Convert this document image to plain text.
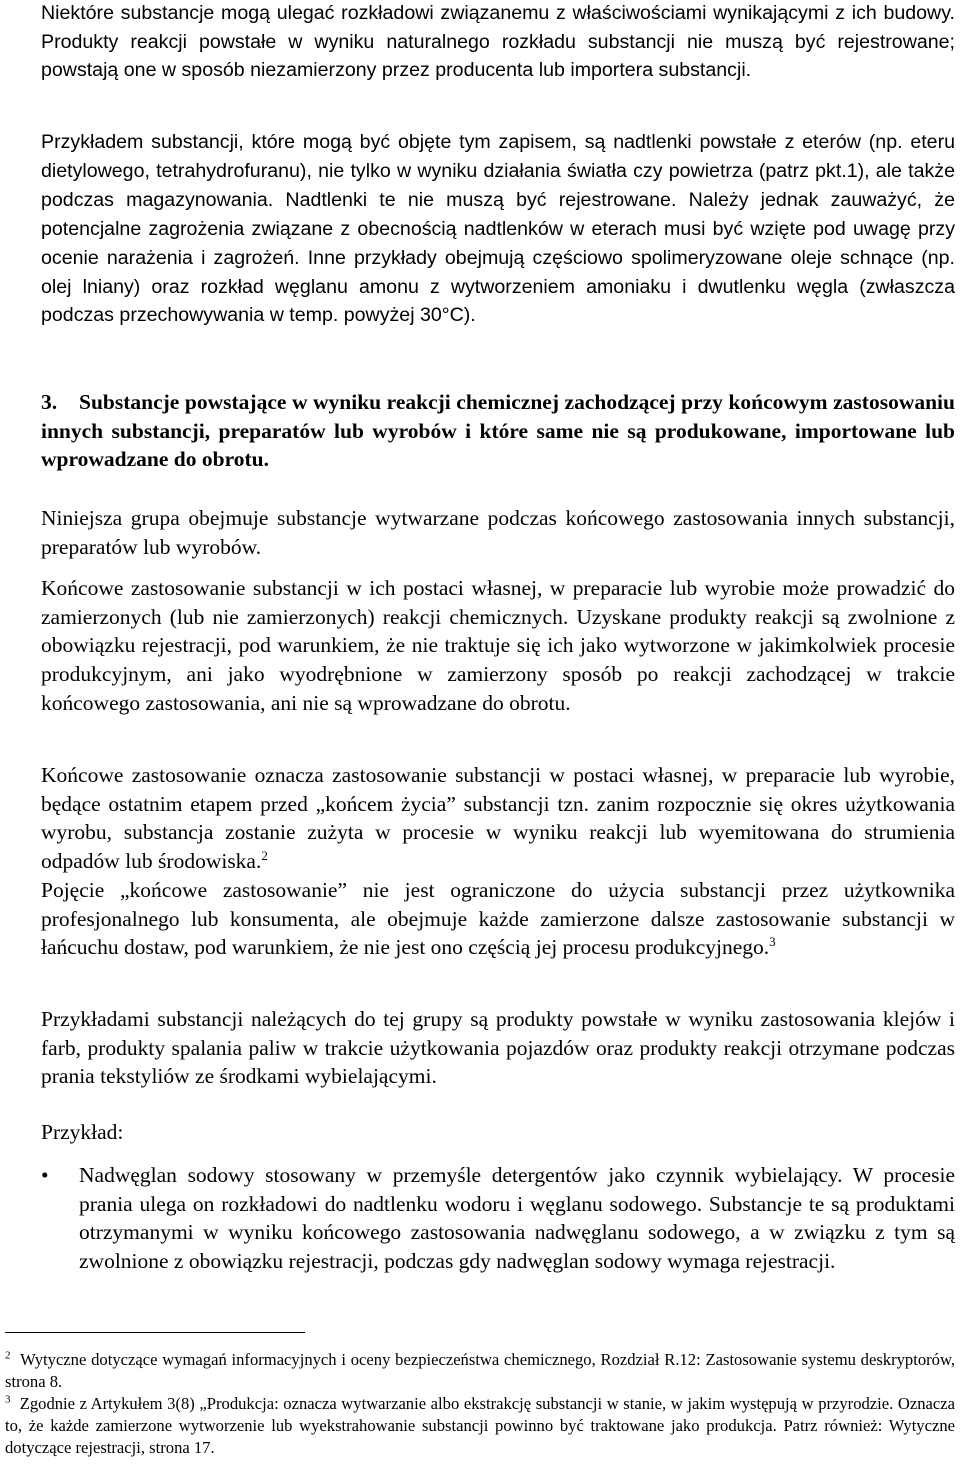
Niektóre substancje mogą ulegać rozkładowi związanemu z właściwościami wynikającymi z ich budowy. Produkty reakcji powstałe w wyniku naturalnego rozkładu substancji nie muszą być rejestrowane; powstają one w sposób niezamierzony przez producenta lub importera substancji.

Przykładem substancji, które mogą być objęte tym zapisem, są nadtlenki powstałe z eterów (np. eteru dietylowego, tetrahydrofuranu), nie tylko w wyniku działania światła czy powietrza (patrz pkt.1), ale także podczas magazynowania. Nadtlenki te nie muszą być rejestrowane. Należy jednak zauważyć, że potencjalne zagrożenia związane z obecnością nadtlenków w eterach musi być wzięte pod uwagę przy ocenie narażenia i zagrożeń. Inne przykłady obejmują częściowo spolimeryzowane oleje schnące (np. olej lniany) oraz rozkład węglanu amonu z wytworzeniem amoniaku i dwutlenku węgla (zwłaszcza podczas przechowywania w temp. powyżej 30°C).

3. Substancje powstające w wyniku reakcji chemicznej zachodzącej przy końcowym zastosowaniu innych substancji, preparatów lub wyrobów i które same nie są produkowane, importowane lub wprowadzane do obrotu.

Niniejsza grupa obejmuje substancje wytwarzane podczas końcowego zastosowania innych substancji, preparatów lub wyrobów.

Końcowe zastosowanie substancji w ich postaci własnej, w preparacie lub wyrobie może prowadzić do zamierzonych (lub nie zamierzonych) reakcji chemicznych. Uzyskane produkty reakcji są zwolnione z obowiązku rejestracji, pod warunkiem, że nie traktuje się ich jako wytworzone w jakimkolwiek procesie produkcyjnym, ani jako wyodrębnione w zamierzony sposób po reakcji zachodzącej w trakcie końcowego zastosowania, ani nie są wprowadzane do obrotu.

Końcowe zastosowanie oznacza zastosowanie substancji w postaci własnej, w preparacie lub wyrobie, będące ostatnim etapem przed „końcem życia” substancji tzn. zanim rozpocznie się okres użytkowania wyrobu, substancja zostanie zużyta w procesie w wyniku reakcji lub wyemitowana do strumienia odpadów lub środowiska.$^2$

Pojęcie „końcowe zastosowanie” nie jest ograniczone do użycia substancji przez użytkownika profesjonalnego lub konsumenta, ale obejmuje każde zamierzone dalsze zastosowanie substancji w łańcuchu dostaw, pod warunkiem, że nie jest ono częścią jej procesu produkcyjnego.$^3$

Przykładami substancji należących do tej grupy są produkty powstałe w wyniku zastosowania klejów i farb, produkty spalania paliw w trakcie użytkowania pojazdów oraz produkty reakcji otrzymane podczas prania tekstyliów ze środkami wybielającymi.

Przykład:

•	Nadwęglan sodowy stosowany w przemyśle detergentów jako czynnik wybielający. W procesie prania ulega on rozkładowi do nadtlenku wodoru i węglanu sodowego. Substancje te są produktami otrzymanymi w wyniku końcowego zastosowania nadwęglanu sodowego, a w związku z tym są zwolnione z obowiązku rejestracji, podczas gdy nadwęglan sodowy wymaga rejestracji.

$^2$ Wytyczne dotyczące wymagań informacyjnych i oceny bezpieczeństwa chemicznego, Rozdział R.12: Zastosowanie systemu deskryptorów, strona 8.

$^3$ Zgodnie z Artykułem 3(8) „Produkcja: oznacza wytwarzanie albo ekstrakcję substancji w stanie, w jakim występują w przyrodzie. Oznacza to, że każde zamierzone wytworzenie lub wyekstrahowanie substancji powinno być traktowane jako produkcja. Patrz również: Wytyczne dotyczące rejestracji, strona 17.
